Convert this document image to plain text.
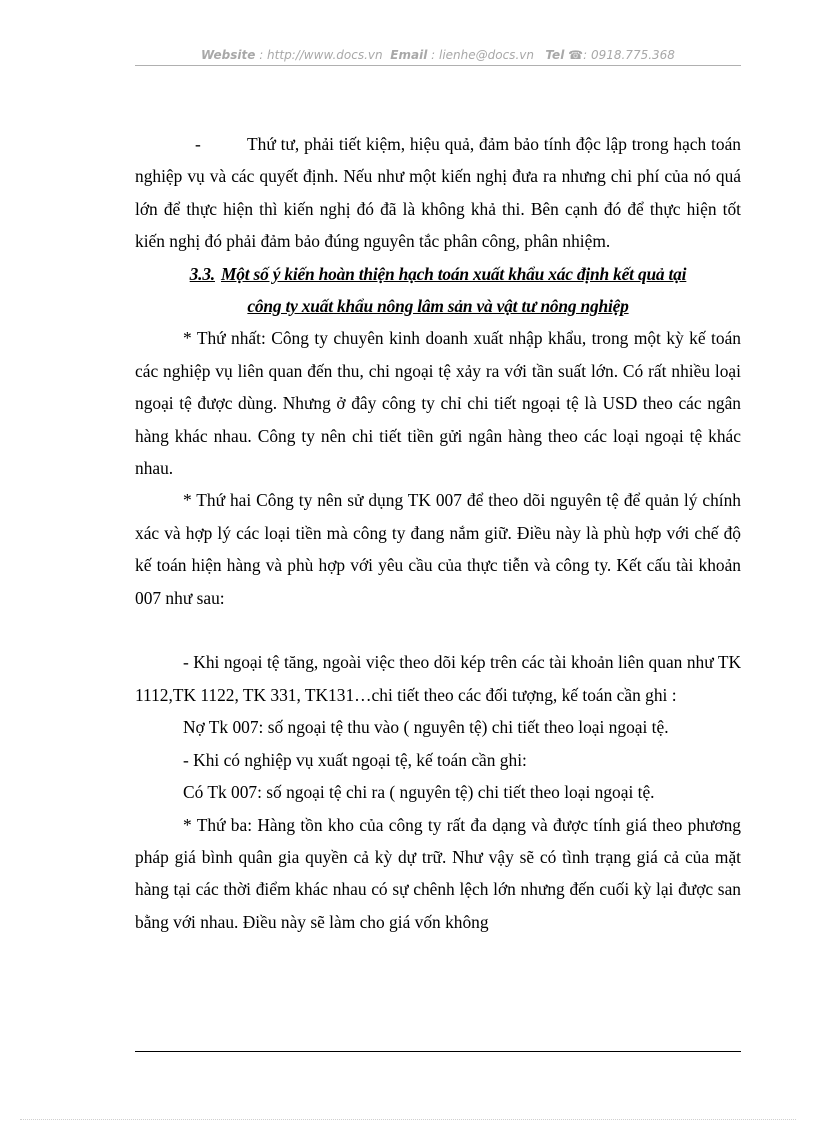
Website : http://www.docs.vn Email : lienhe@docs.vn Tel ☎: 0918.775.368

-	Thứ tư, phải tiết kiệm, hiệu quả, đảm bảo tính độc lập trong hạch toán nghiệp vụ và các quyết định. Nếu như một kiến nghị đưa ra nhưng chi phí của nó quá lớn để thực hiện thì kiến nghị đó đã là không khả thi. Bên cạnh đó để thực hiện tốt kiến nghị đó phải đảm bảo đúng nguyên tắc phân công, phân nhiệm.

3.3. Một số ý kiến hoàn thiện hạch toán xuất khẩu xác định kết quả tại

công ty xuất khẩu nông lâm sản và vật tư nông nghiệp

* Thứ nhất: Công ty chuyên kinh doanh xuất nhập khẩu, trong một kỳ kế toán các nghiệp vụ liên quan đến thu, chi ngoại tệ xảy ra với tần suất lớn. Có rất nhiều loại ngoại tệ được dùng. Nhưng ở đây công ty chỉ chi tiết ngoại tệ là USD theo các ngân hàng khác nhau. Công ty nên chi tiết tiền gửi ngân hàng theo các loại ngoại tệ khác nhau.

* Thứ hai Công ty nên sử dụng TK 007 để theo dõi nguyên tệ để quản lý chính xác và hợp lý các loại tiền mà công ty đang nắm giữ. Điều này là phù hợp với chế độ kế toán hiện hàng và phù hợp với yêu cầu của thực tiễn và công ty. Kết cấu tài khoản 007 như sau:

- Khi ngoại tệ tăng, ngoài việc theo dõi kép trên các tài khoản liên quan như TK 1112,TK 1122, TK 331, TK131…chi tiết theo các đối tượng, kế toán cần ghi :

Nợ Tk 007: số ngoại tệ thu vào ( nguyên tệ) chi tiết theo loại ngoại tệ.

- Khi có nghiệp vụ xuất ngoại tệ, kế toán cần ghi:

Có Tk 007: số ngoại tệ chi ra ( nguyên tệ) chi tiết theo loại ngoại tệ.

* Thứ ba: Hàng tồn kho của công ty rất đa dạng và được tính giá theo phương pháp giá bình quân gia quyền cả kỳ dự trữ. Như vậy sẽ có tình trạng giá cả của mặt hàng tại các thời điểm khác nhau có sự chênh lệch lớn nhưng đến cuối kỳ lại được san bằng với nhau. Điều này sẽ làm cho giá vốn không
